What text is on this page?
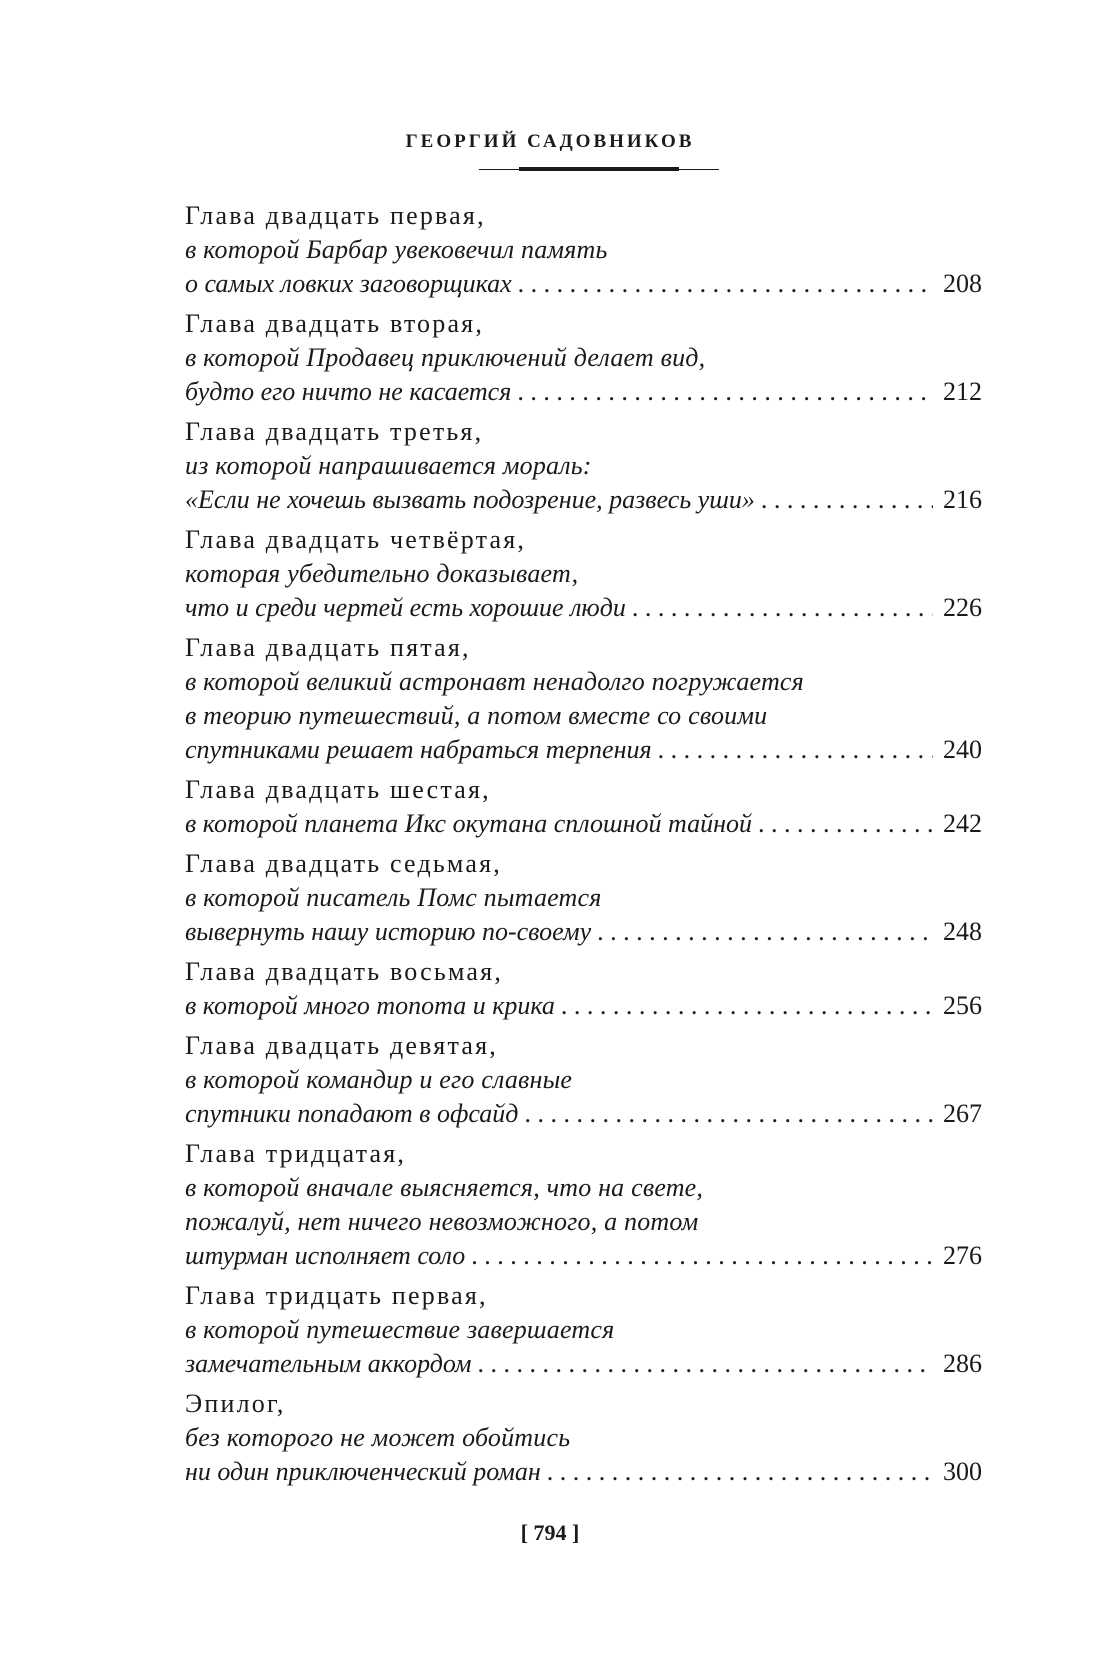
ГЕОРГИЙ САДОВНИКОВ
Глава двадцать первая,
в которой Барбар увековечил память
о самых ловких заговорщиках . . .	208
Глава двадцать вторая,
в которой Продавец приключений делает вид,
будто его ничто не касается . . .	212
Глава двадцать третья,
из которой напрашивается мораль:
«Если не хочешь вызвать подозрение, развесь уши» . . .	216
Глава двадцать четвёртая,
которая убедительно доказывает,
что и среди чертей есть хорошие люди . . .	226
Глава двадцать пятая,
в которой великий астронавт ненадолго погружается
в теорию путешествий, а потом вместе со своими
спутниками решает набраться терпения . . .	240
Глава двадцать шестая,
в которой планета Икс окутана сплошной тайной . . .	242
Глава двадцать седьмая,
в которой писатель Помс пытается
вывернуть нашу историю по-своему . . .	248
Глава двадцать восьмая,
в которой много топота и крика . . .	256
Глава двадцать девятая,
в которой командир и его славные
спутники попадают в офсайд . . .	267
Глава тридцатая,
в которой вначале выясняется, что на свете,
пожалуй, нет ничего невозможного, а потом
штурман исполняет соло . . .	276
Глава тридцать первая,
в которой путешествие завершается
замечательным аккордом . . .	286
Эпилог,
без которого не может обойтись
ни один приключенческий роман . . .	300
[ 794 ]
